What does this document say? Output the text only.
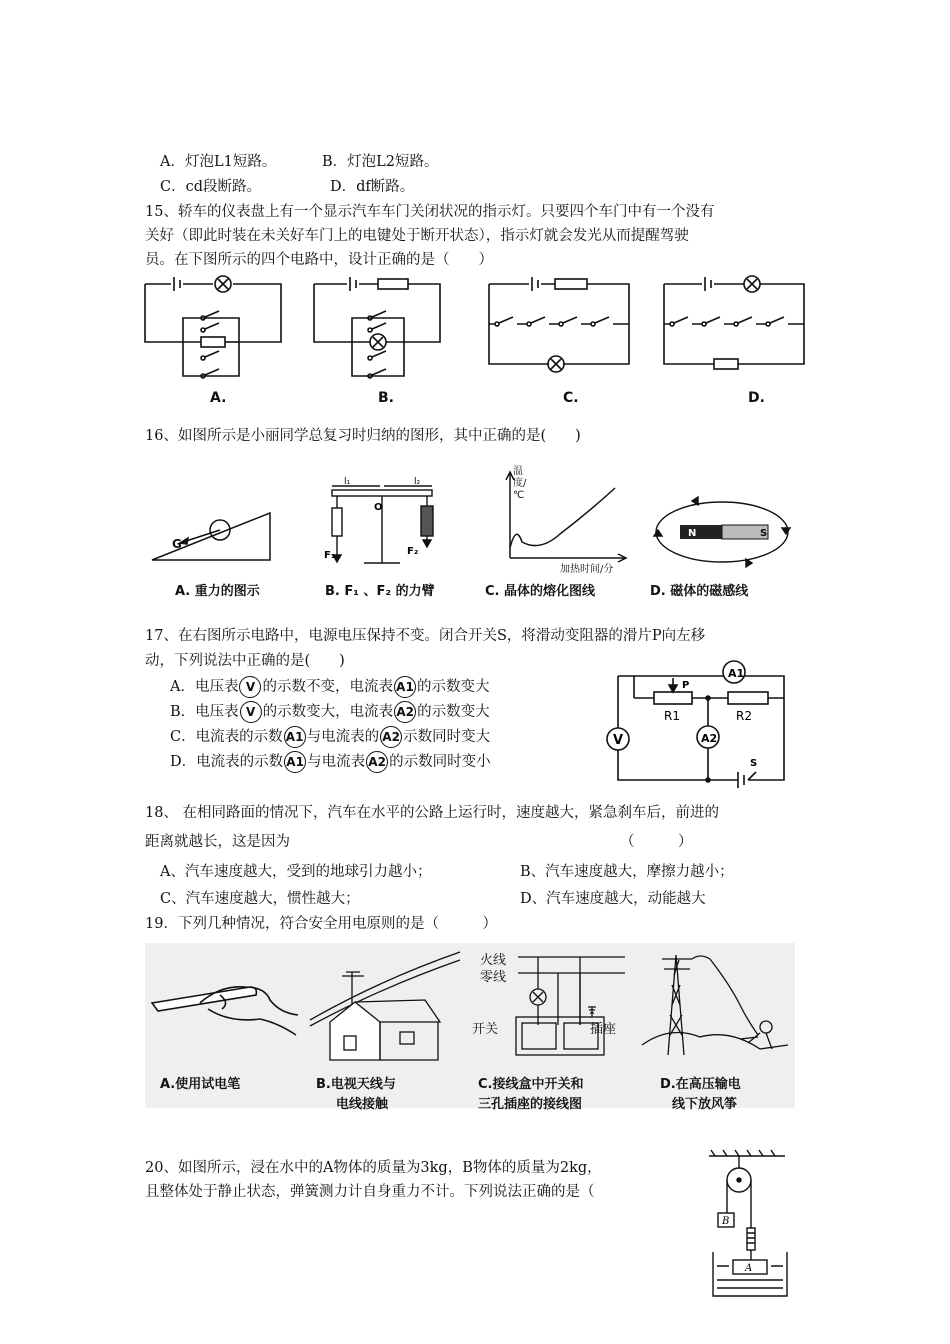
A．灯泡L1短路。	B．灯泡L2短路。
C．cd段断路。	D．df断路。
15、轿车的仪表盘上有一个显示汽车车门关闭状况的指示灯。只要四个车门中有一个没有
关好（即此时装在未关好车门上的电键处于断开状态），指示灯就会发光从而提醒驾驶
员。在下图所示的四个电路中，设计正确的是（　　）
A.	B.	C.	D.
16、如图所示是小丽同学总复习时归纳的图形，其中正确的是(　　)
G
A. 重力的图示
l₁	l₂
O
F₁	F₂
B. F₁ 、F₂ 的力臂
温度/℃
加热时间/分
C. 晶体的熔化图线
N	S
D. 磁体的磁感线
17、在右图所示电路中，电源电压保持不变。闭合开关S，将滑动变阻器的滑片P向左移
动，下列说法中正确的是(　　)
A．电压表 V 的示数不变，电流表 A1 的示数变大
B．电压表 V 的示数变大，电流表 A2 的示数变大
C．电流表的示数 A1 与电流表的 A2 示数同时变大
D．电流表的示数 A1 与电流表 A2 的示数同时变小
A1
A2
V
P
R1	R2
S
18、 在相同路面的情况下，汽车在水平的公路上运行时，速度越大，紧急刹车后，前进的
距离就越长，这是因为	（　　　）
A、汽车速度越大，受到的地球引力越小；	B、汽车速度越大，摩擦力越小；
C、汽车速度越大，惯性越大；	D、汽车速度越大，动能越大
19．下列几种情况，符合安全用电原则的是（　　　）
A.使用试电笔	B.电视天线与
电线接触
火线
零线
开关	插座
C.接线盒中开关和
三孔插座的接线图
D.在高压输电
线下放风筝
20、如图所示，浸在水中的A物体的质量为3kg，B物体的质量为2kg，
且整体处于静止状态，弹簧测力计自身重力不计。下列说法正确的是（
B
A
